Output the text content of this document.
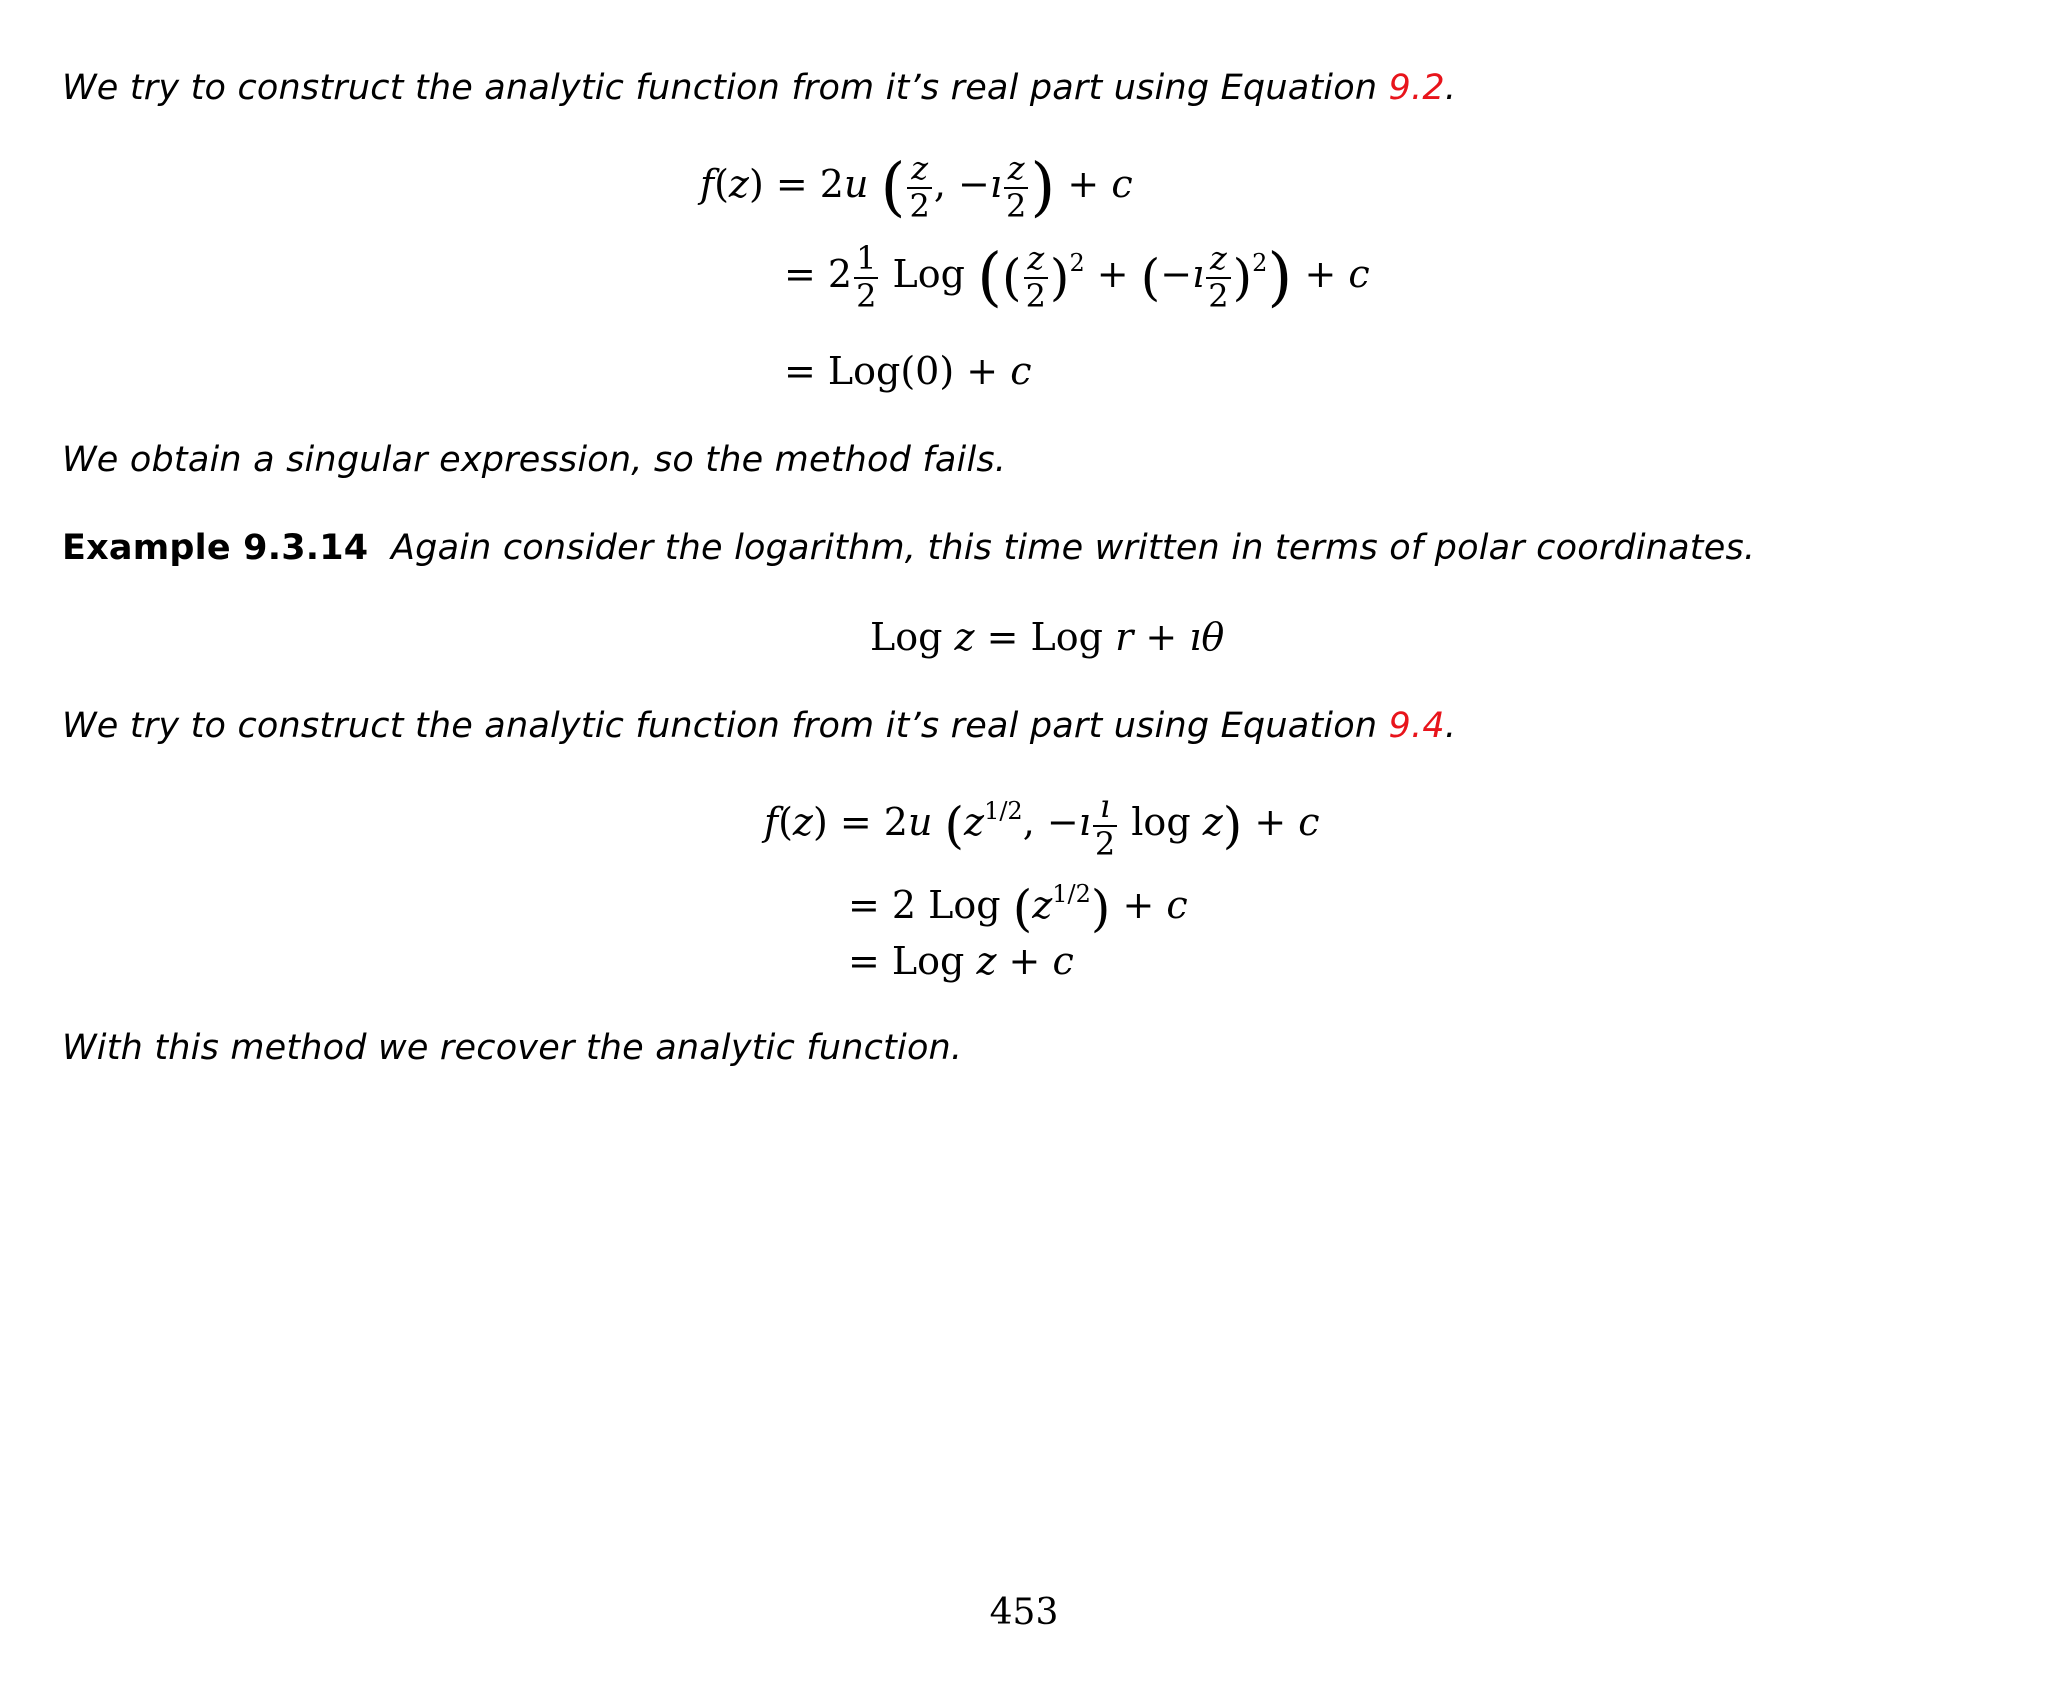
We try to construct the analytic function from it’s real part using Equation 9.2.
f(z) = 2u ( $\frac{z}{2}$ , −ı $\frac{z}{2}$ ) + c
= $2 \frac{1}{2}$ Log (( $\frac{z}{2} )^2$ + (−ı $\frac{z}{2} )^2) + c$
= Log(0) + c
We obtain a singular expression, so the method fails.
Example 9.3.14 Again consider the logarithm, this time written in terms of polar coordinates.
Log z = Log r + ıθ
We try to construct the analytic function from it’s real part using Equation 9.4.
f(z) = 2u ($z^{1/2}$, −ı $\frac{ı}{2}$ log z) + c
= 2 Log $(z^{1/2}) + c$
= Log z + c
With this method we recover the analytic function.
453
